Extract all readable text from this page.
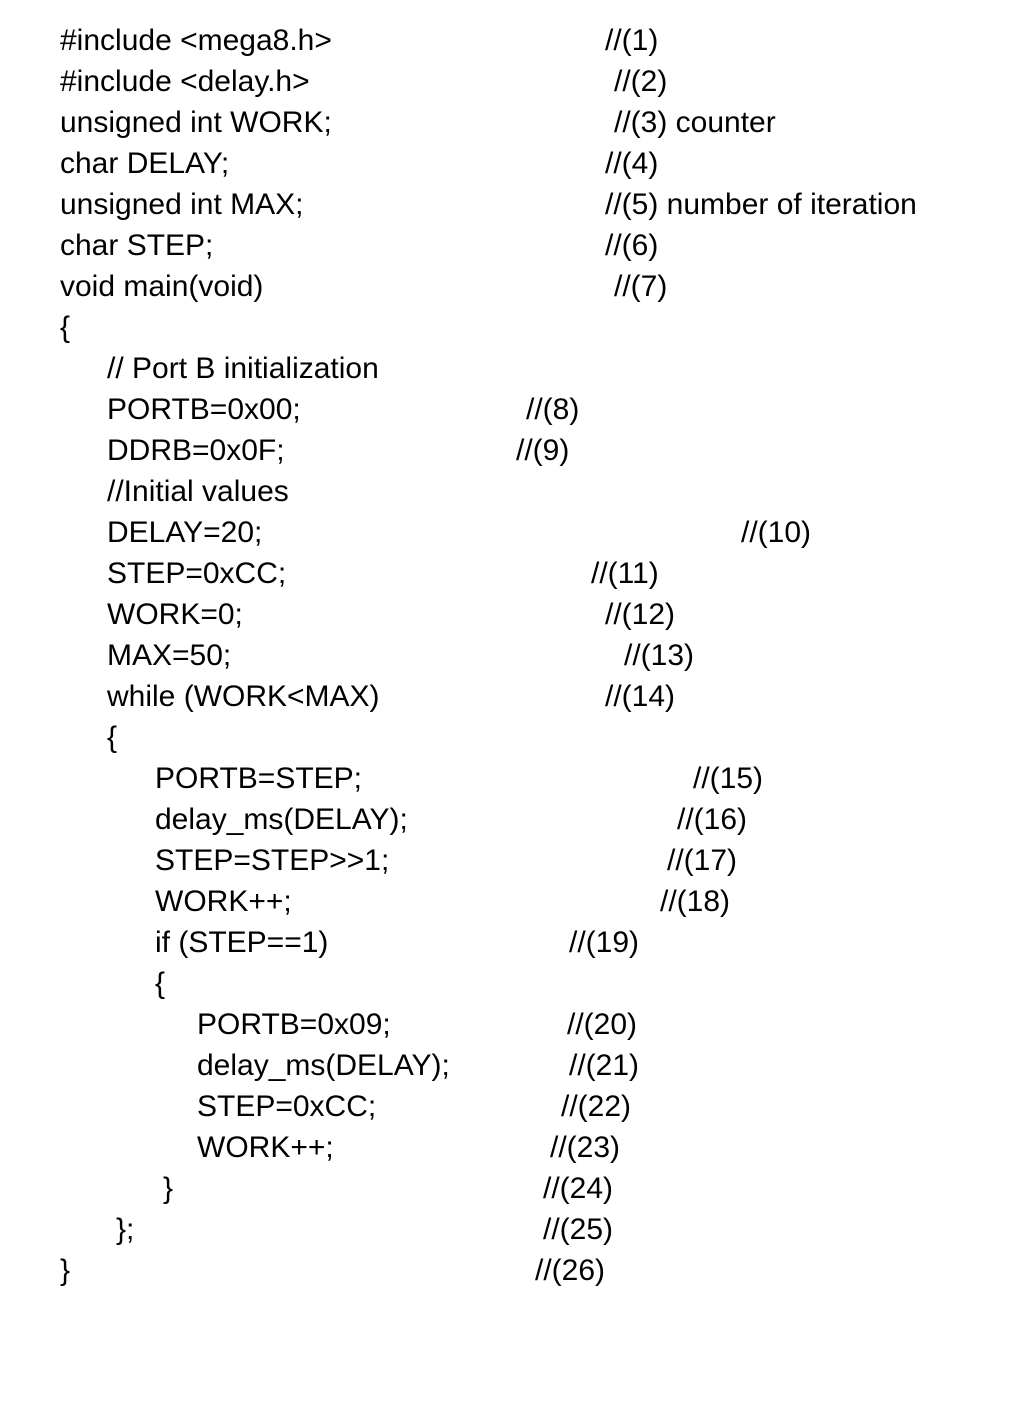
#include <mega8.h>

	//(1)

#include <delay.h>

	//(2)

unsigned int WORK;

	//(3) counter

char DELAY;

	//(4)

unsigned int MAX;

	//(5) number of iteration

char STEP;

	//(6)

void main(void)

	//(7)

{

// Port B initialization

PORTB=0x00;

	//(8)

DDRB=0x0F;

	//(9)

//Initial values

DELAY=20;

	//(10)

STEP=0xCC;

	//(11)

WORK=0;

	//(12)

MAX=50;

	//(13)

while (WORK<MAX)

	//(14)

{

PORTB=STEP;

	//(15)

delay_ms(DELAY);

	//(16)

STEP=STEP>>1;

	//(17)

WORK++;

	//(18)

if (STEP==1)

	//(19)

{

PORTB=0x09;

	//(20)

delay_ms(DELAY);

	//(21)

STEP=0xCC;

	//(22)

WORK++;

	//(23)

}

	//(24)

};

	//(25)

}

	//(26)
